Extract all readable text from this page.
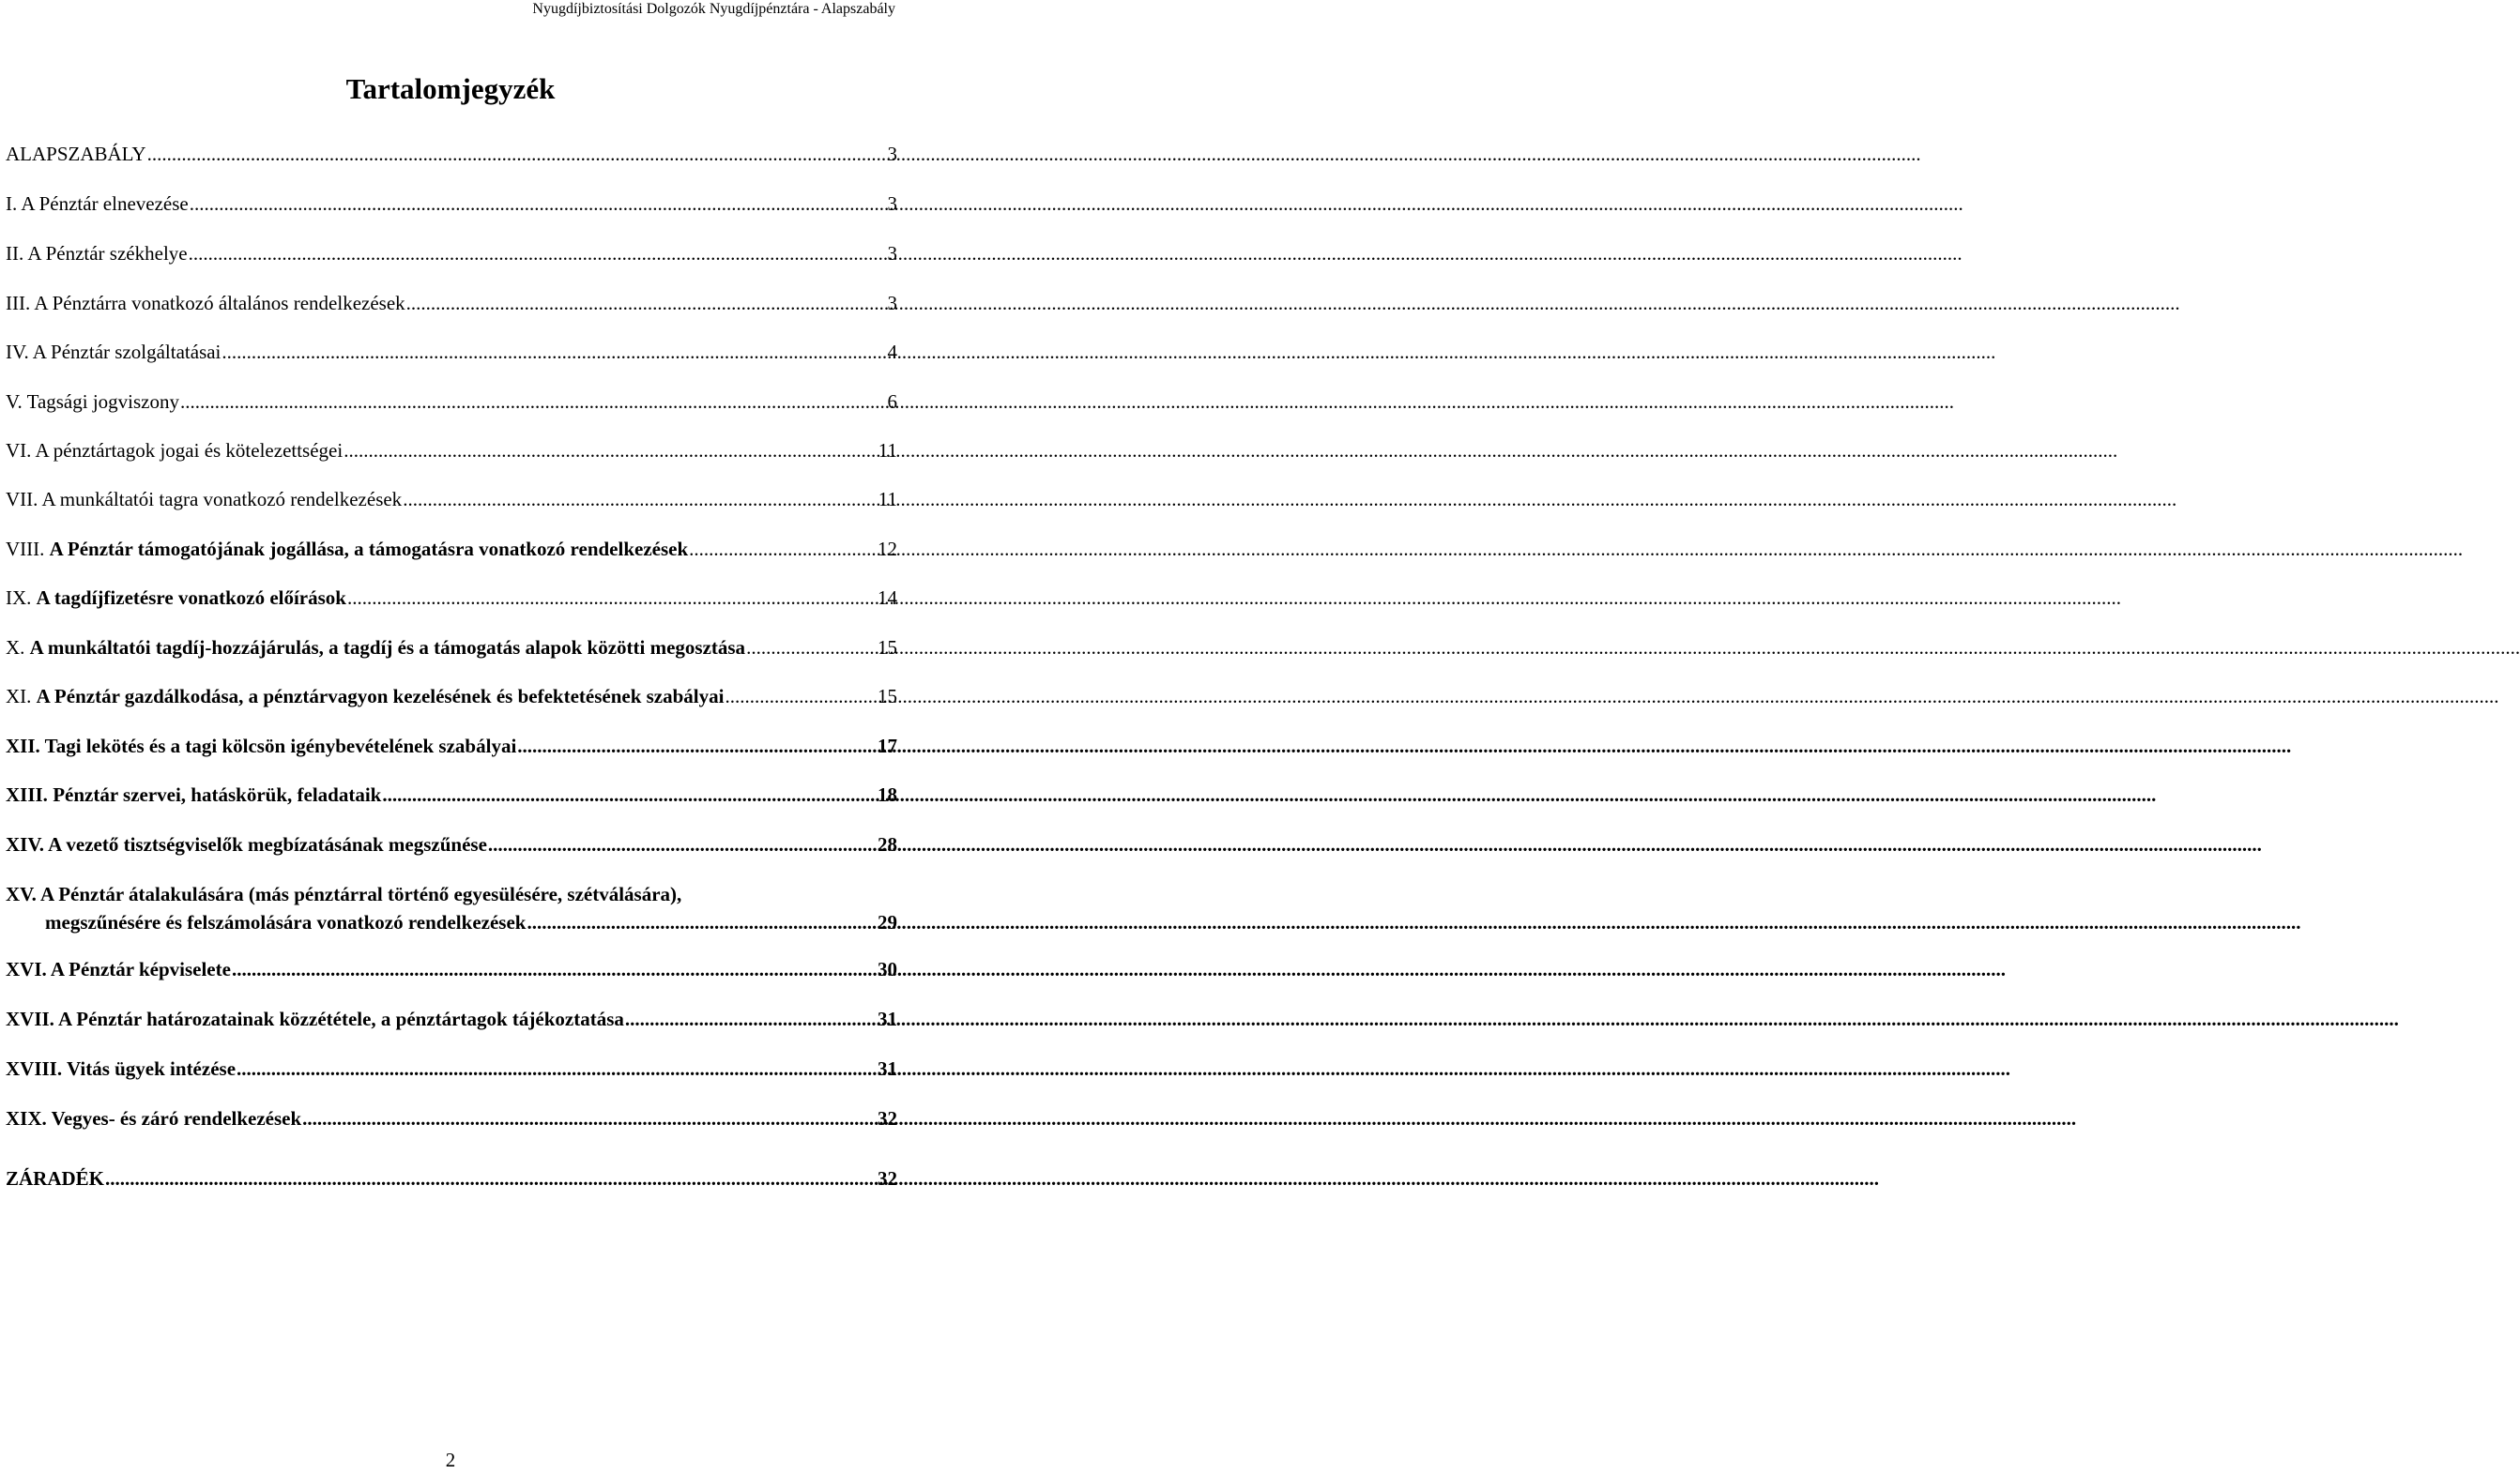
Nyugdíjbiztosítási Dolgozók Nyugdíjpénztára - Alapszabály
Tartalomjegyzék
ALAPSZABÁLY .....	3
I. A Pénztár elnevezése .....	3
II. A Pénztár székhelye .....	3
III. A Pénztárra vonatkozó általános rendelkezések .....	3
IV. A Pénztár szolgáltatásai .....	4
V. Tagsági jogviszony .....	6
VI. A pénztártagok jogai és kötelezettségei .....	11
VII. A munkáltatói tagra vonatkozó rendelkezések .....	11
VIII. A Pénztár támogatójának jogállása, a támogatásra vonatkozó rendelkezések .....	12
IX. A tagdíjfizetésre vonatkozó előírások .....	14
X. A munkáltatói tagdíj-hozzájárulás, a tagdíj és a támogatás alapok közötti megosztása .....	15
XI. A Pénztár gazdálkodása, a pénztárvagyon kezelésének és befektetésének szabályai .....	15
XII. Tagi lekötés és a tagi kölcsön igénybevételének szabályai .....	17
XIII. Pénztár szervei, hatáskörük, feladataik .....	18
XIV. A vezető tisztségviselők megbízatásának megszűnése .....	28
XV. A Pénztár átalakulására (más pénztárral történő egyesülésére, szétválására),
megszűnésére és felszámolására vonatkozó rendelkezések .....	29
XVI. A Pénztár képviselete .....	30
XVII. A Pénztár határozatainak közzététele, a pénztártagok tájékoztatása .....	31
XVIII. Vitás ügyek intézése .....	31
XIX. Vegyes- és záró rendelkezések .....	32
ZÁRADÉK .....	32
2
